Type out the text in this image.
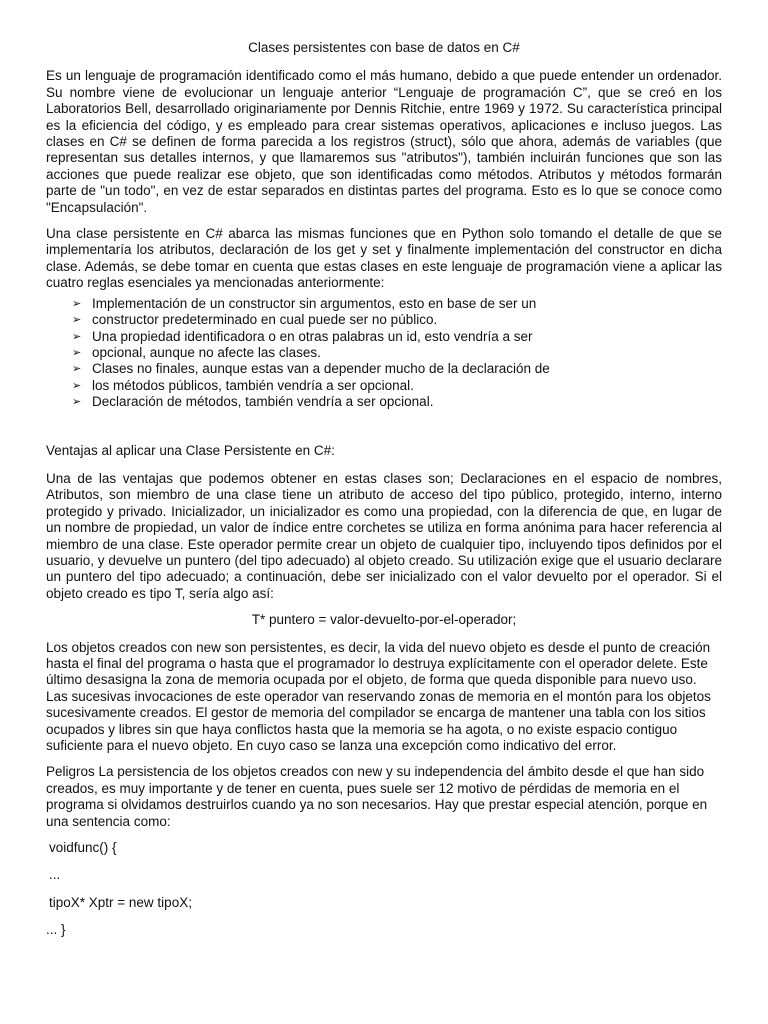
Clases persistentes con base de datos en C#

Es un lenguaje de programación identificado como el más humano, debido a que puede entender un ordenador. Su nombre viene de evolucionar un lenguaje anterior “Lenguaje de programación C”, que se creó en los Laboratorios Bell, desarrollado originariamente por Dennis Ritchie, entre 1969 y 1972. Su característica principal es la eficiencia del código, y es empleado para crear sistemas operativos, aplicaciones e incluso juegos. Las clases en C# se definen de forma parecida a los registros (struct), sólo que ahora, además de variables (que representan sus detalles internos, y que llamaremos sus "atributos"), también incluirán funciones que son las acciones que puede realizar ese objeto, que son identificadas como métodos. Atributos y métodos formarán parte de "un todo", en vez de estar separados en distintas partes del programa. Esto es lo que se conoce como "Encapsulación".

Una clase persistente en C# abarca las mismas funciones que en Python solo tomando el detalle de que se implementaría los atributos, declaración de los get y set y finalmente implementación del constructor en dicha clase. Además, se debe tomar en cuenta que estas clases en este lenguaje de programación viene a aplicar las cuatro reglas esenciales ya mencionadas anteriormente:

➢ Implementación de un constructor sin argumentos, esto en base de ser un
➢ constructor predeterminado en cual puede ser no público.
➢ Una propiedad identificadora o en otras palabras un id, esto vendría a ser
➢ opcional, aunque no afecte las clases.
➢ Clases no finales, aunque estas van a depender mucho de la declaración de
➢ los métodos públicos, también vendría a ser opcional.
➢ Declaración de métodos, también vendría a ser opcional.
Ventajas al aplicar una Clase Persistente en C#:

Una de las ventajas que podemos obtener en estas clases son; Declaraciones en el espacio de nombres, Atributos, son miembro de una clase tiene un atributo de acceso del tipo público, protegido, interno, interno protegido y privado. Inicializador, un inicializador es como una propiedad, con la diferencia de que, en lugar de un nombre de propiedad, un valor de índice entre corchetes se utiliza en forma anónima para hacer referencia al miembro de una clase. Este operador permite crear un objeto de cualquier tipo, incluyendo tipos definidos por el usuario, y devuelve un puntero (del tipo adecuado) al objeto creado. Su utilización exige que el usuario declarare un puntero del tipo adecuado; a continuación, debe ser inicializado con el valor devuelto por el operador. Si el objeto creado es tipo T, sería algo así:

T* puntero = valor-devuelto-por-el-operador;

Los objetos creados con new son persistentes, es decir, la vida del nuevo objeto es desde el punto de creación hasta el final del programa o hasta que el programador lo destruya explícitamente con el operador delete. Este último desasigna la zona de memoria ocupada por el objeto, de forma que queda disponible para nuevo uso. Las sucesivas invocaciones de este operador van reservando zonas de memoria en el montón para los objetos sucesivamente creados. El gestor de memoria del compilador se encarga de mantener una tabla con los sitios ocupados y libres sin que haya conflictos hasta que la memoria se ha agota, o no existe espacio contiguo suficiente para el nuevo objeto. En cuyo caso se lanza una excepción como indicativo del error.

Peligros La persistencia de los objetos creados con new y su independencia del ámbito desde el que han sido creados, es muy importante y de tener en cuenta, pues suele ser 12 motivo de pérdidas de memoria en el programa si olvidamos destruirlos cuando ya no son necesarios. Hay que prestar especial atención, porque en una sentencia como:

voidfunc() {
...
tipoX* Xptr = new tipoX;
... }
